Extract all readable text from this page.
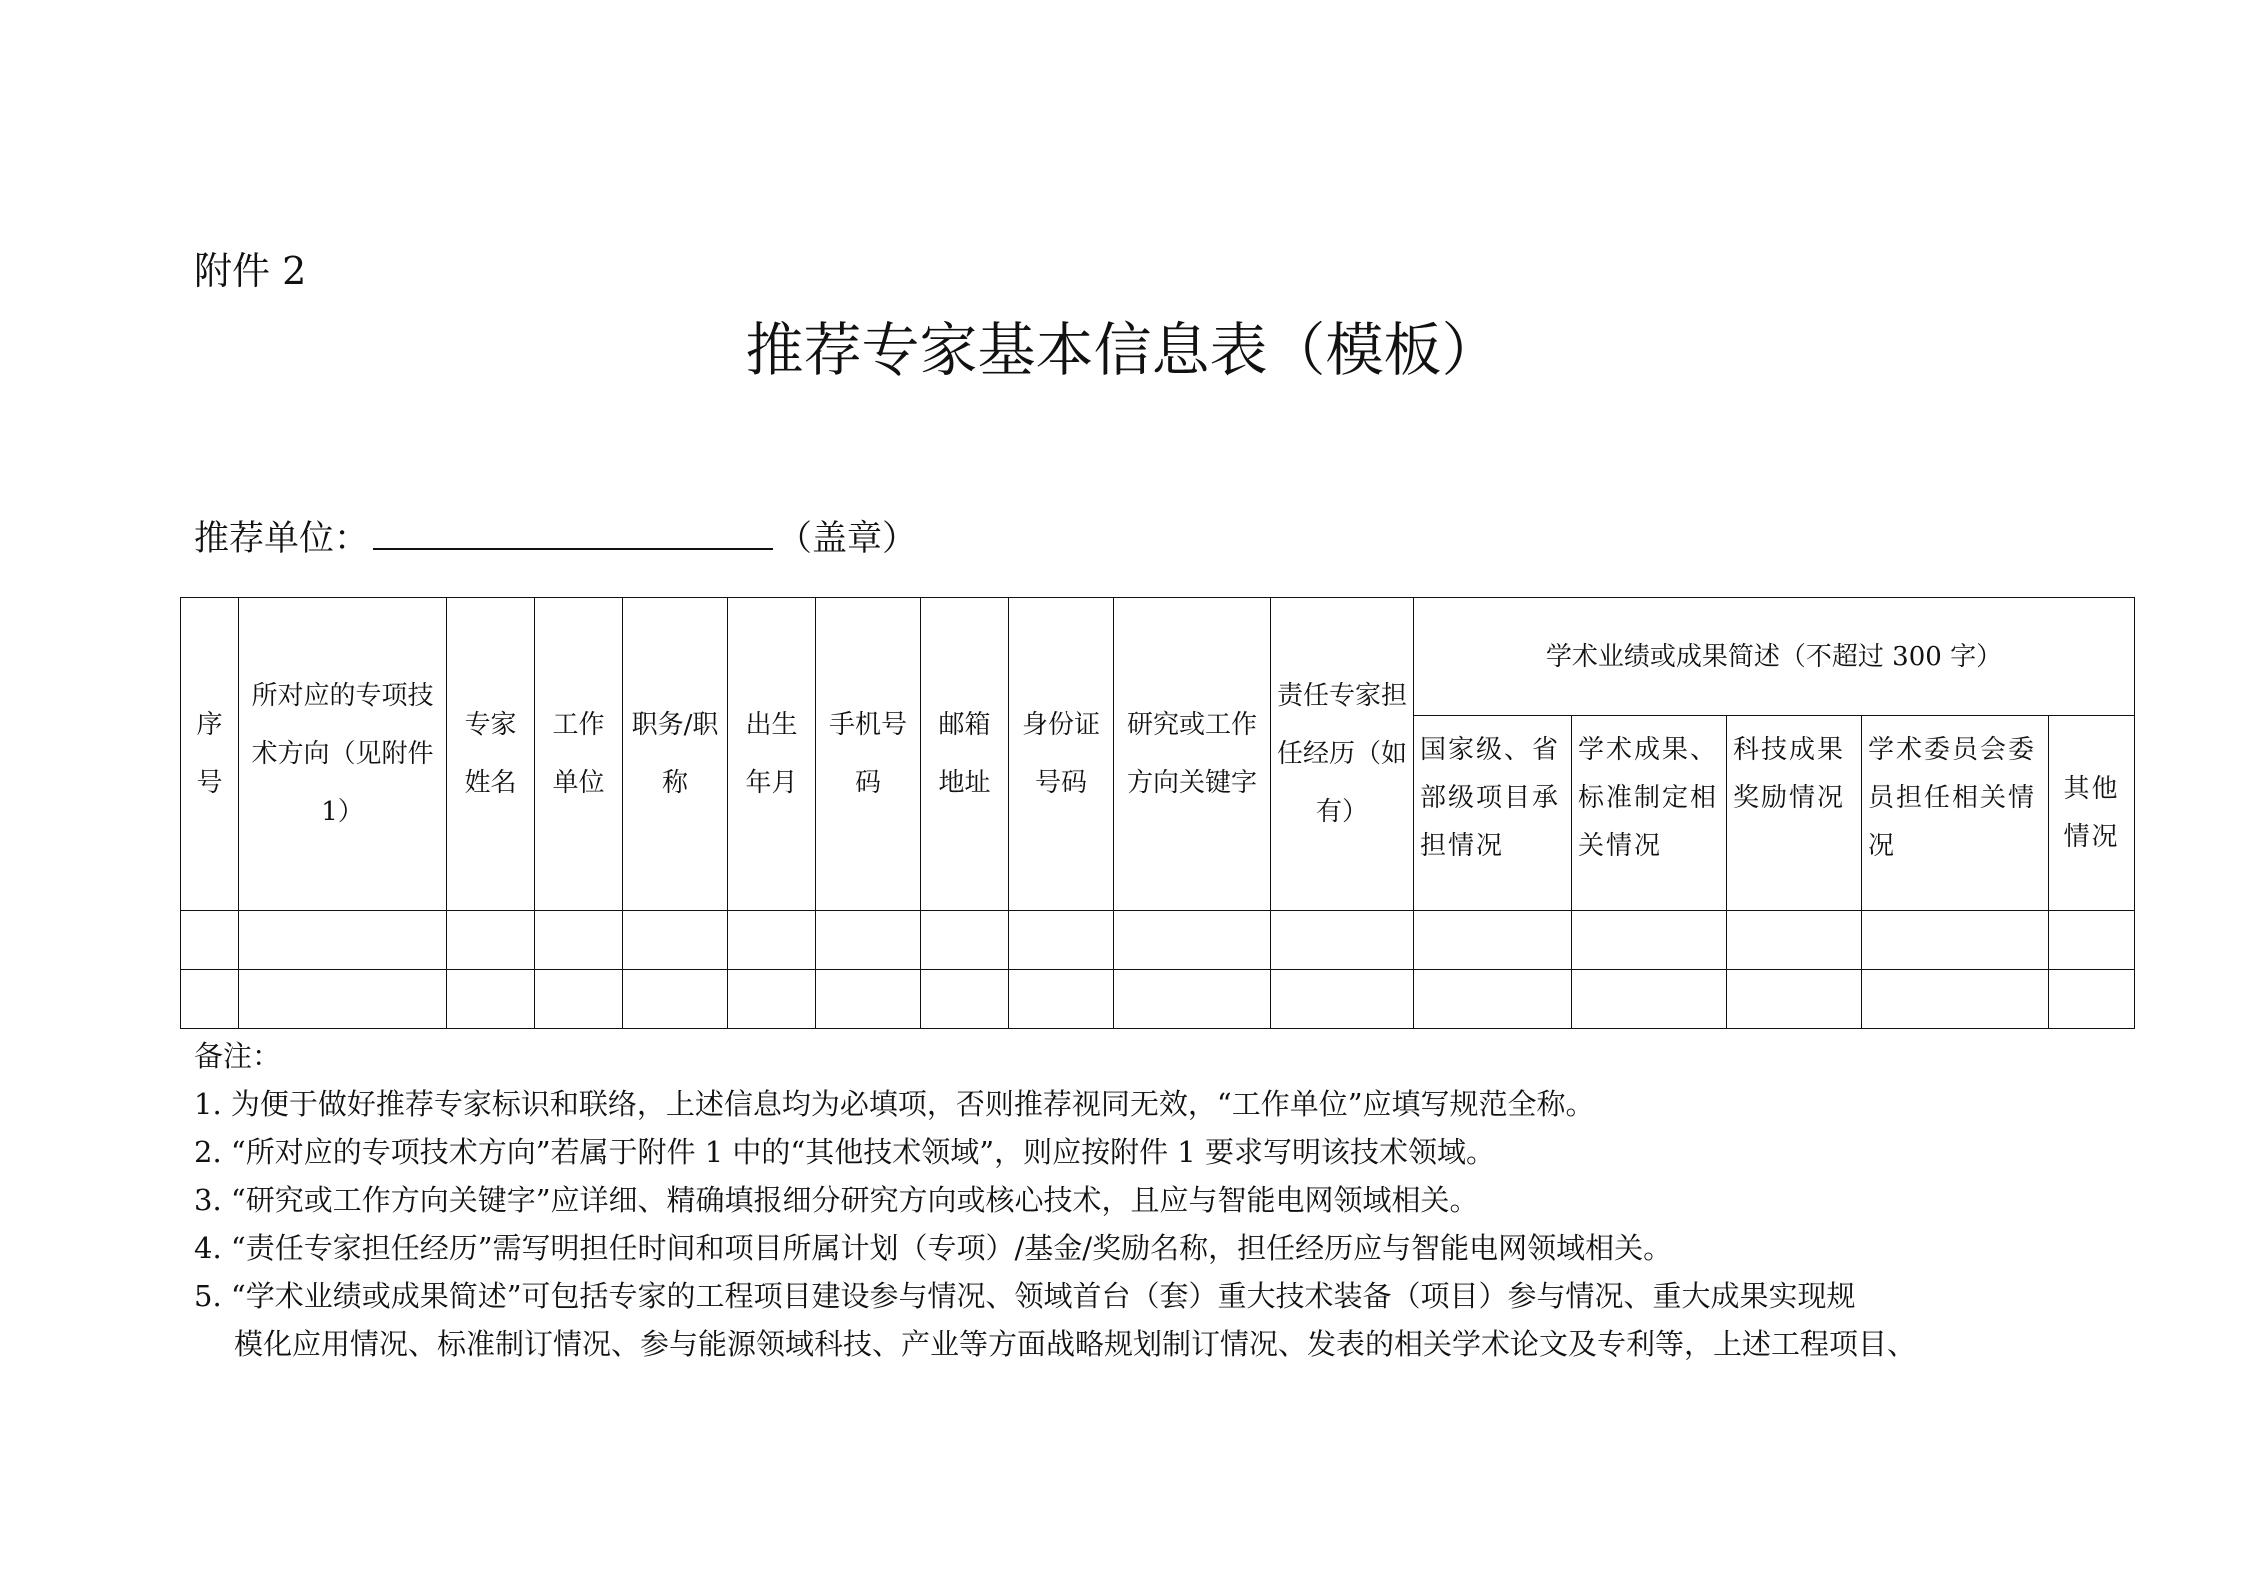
附件 2
推荐专家基本信息表（模板）
推荐单位：	（盖章）
序号	所对应的专项技术方向（见附件 1）	专家姓名	工作单位	职务/职称	出生年月	手机号码	邮箱地址	身份证号码	研究或工作方向关键字	责任专家担任经历（如有）	学术业绩或成果简述（不超过 300 字）				
											国家级、省部级项目承担情况	学术成果、标准制定相关情况	科技成果奖励情况	学术委员会委员担任相关情况	其他情况

备注：

1. 为便于做好推荐专家标识和联络，上述信息均为必填项，否则推荐视同无效，“工作单位”应填写规范全称。

2. “所对应的专项技术方向”若属于附件 1 中的“其他技术领域”，则应按附件 1 要求写明该技术领域。

3. “研究或工作方向关键字”应详细、精确填报细分研究方向或核心技术，且应与智能电网领域相关。

4. “责任专家担任经历”需写明担任时间和项目所属计划（专项）/基金/奖励名称，担任经历应与智能电网领域相关。

5. “学术业绩或成果简述”可包括专家的工程项目建设参与情况、领域首台（套）重大技术装备（项目）参与情况、重大成果实现规

模化应用情况、标准制订情况、参与能源领域科技、产业等方面战略规划制订情况、发表的相关学术论文及专利等，上述工程项目、
